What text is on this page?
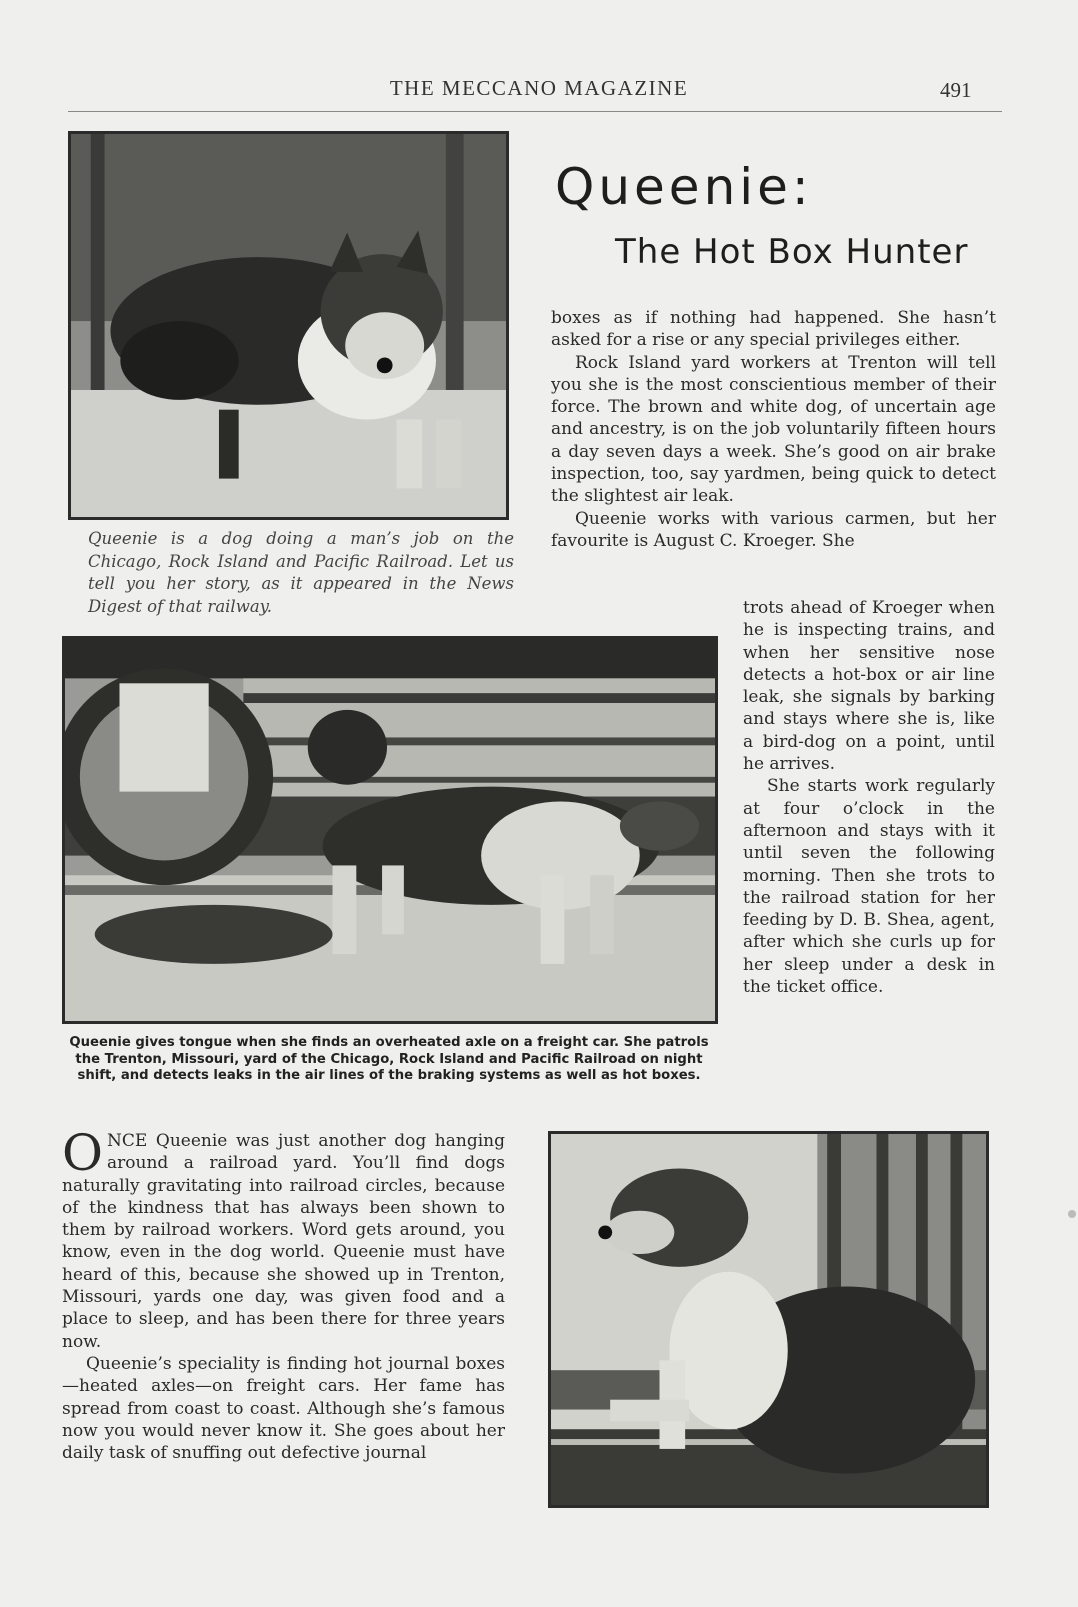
THE MECCANO MAGAZINE	491
Queenie:
The Hot Box Hunter
Queenie is a dog doing a man’s job on the Chicago, Rock Island and Pacific Railroad. Let us tell you her story, as it appeared in the News Digest of that railway.

boxes as if nothing had happened. She hasn’t asked for a rise or any special privileges either.

Rock Island yard workers at Trenton will tell you she is the most conscientious member of their force. The brown and white dog, of uncertain age and ancestry, is on the job voluntarily fifteen hours a day seven days a week. She’s good on air brake inspection, too, say yardmen, being quick to detect the slightest air leak.

Queenie works with various carmen, but her favourite is August C. Kroeger. She

Queenie gives tongue when she finds an overheated axle on a freight car. She patrols the Trenton, Missouri, yard of the Chicago, Rock Island and Pacific Railroad on night shift, and detects leaks in the air lines of the braking systems as well as hot boxes.

trots ahead of Kroeger when he is inspecting trains, and when her sensitive nose detects a hot-box or air line leak, she signals by barking and stays where she is, like a bird-dog on a point, until he arrives.

She starts work regularly at four o’clock in the afternoon and stays with it until seven the following morning. Then she trots to the railroad station for her feeding by D. B. Shea, agent, after which she curls up for her sleep under a desk in the ticket office.

ONCE Queenie was just another dog hanging around a railroad yard. You’ll find dogs naturally gravitating into railroad circles, because of the kindness that has always been shown to them by railroad workers. Word gets around, you know, even in the dog world. Queenie must have heard of this, because she showed up in Trenton, Missouri, yards one day, was given food and a place to sleep, and has been there for three years now.

Queenie’s speciality is finding hot journal boxes—heated axles—on freight cars. Her fame has spread from coast to coast. Although she’s famous now you would never know it. She goes about her daily task of snuffing out defective journal
